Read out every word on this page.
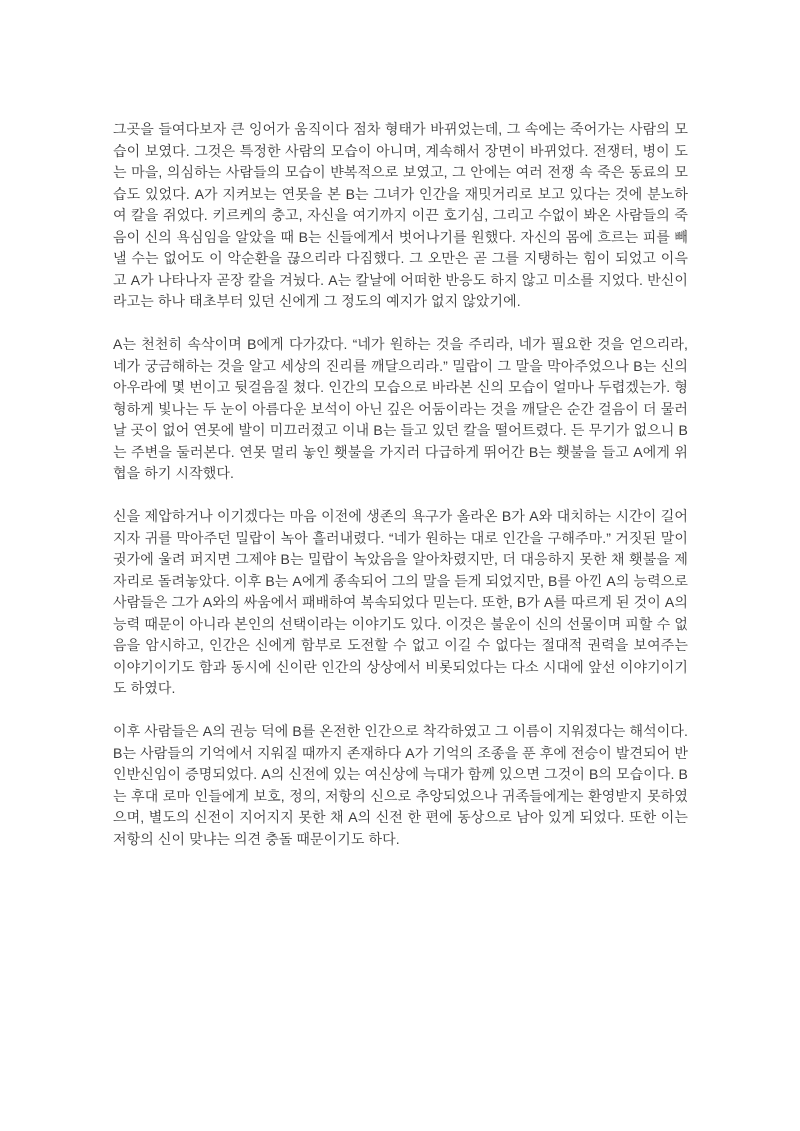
그곳을 들여다보자 큰 잉어가 움직이다 점차 형태가 바뀌었는데, 그 속에는 죽어가는 사람의 모습이 보였다. 그것은 특정한 사람의 모습이 아니며, 계속해서 장면이 바뀌었다. 전쟁터, 병이 도는 마을, 의심하는 사람들의 모습이 뱐복적으로 보였고, 그 안에는 여러 전쟁 속 죽은 동료의 모습도 있었다. A가 지켜보는 연못을 본 B는 그녀가 인간을 재밋거리로 보고 있다는 것에 분노하여 칼을 쥐었다. 키르케의 충고, 자신을 여기까지 이끈 호기심, 그리고 수없이 봐온 사람들의 죽음이 신의 욕심임을 알았을 때 B는 신들에게서 벗어나기를 원했다. 자신의 몸에 흐르는 피를 빼낼 수는 없어도 이 악순환을 끊으리라 다짐했다. 그 오만은 곧 그를 지탱하는 힘이 되었고 이윽고 A가 나타나자 곧장 칼을 겨눴다. A는 칼날에 어떠한 반응도 하지 않고 미소를 지었다. 반신이라고는 하나 태초부터 있던 신에게 그 정도의 예지가 없지 않았기에.

A는 천천히 속삭이며 B에게 다가갔다. “네가 원하는 것을 주리라, 네가 필요한 것을 얻으리라, 네가 궁금해하는 것을 알고 세상의 진리를 깨달으리라.” 밀랍이 그 말을 막아주었으나 B는 신의 아우라에 몇 번이고 뒷걸음질 쳤다. 인간의 모습으로 바라본 신의 모습이 얼마나 두렵겠는가. 형형하게 빛나는 두 눈이 아름다운 보석이 아닌 깊은 어둠이라는 것을 깨달은 순간 걸음이 더 물러날 곳이 없어 연못에 발이 미끄러졌고 이내 B는 들고 있던 칼을 떨어트렸다. 든 무기가 없으니 B는 주변을 둘러본다. 연못 멀리 놓인 횃불을 가지러 다급하게 뛰어간 B는 횃불을 들고 A에게 위협을 하기 시작했다.

신을 제압하거나 이기겠다는 마음 이전에 생존의 욕구가 올라온 B가 A와 대치하는 시간이 길어지자 귀를 막아주던 밀랍이 녹아 흘러내렸다. “네가 원하는 대로 인간을 구해주마.” 거짓된 말이 귓가에 울려 퍼지면 그제야 B는 밀랍이 녹았음을 알아차렸지만, 더 대응하지 못한 채 횃불을 제자리로 돌려놓았다. 이후 B는 A에게 종속되어 그의 말을 듣게 되었지만, B를 아낀 A의 능력으로 사람들은 그가 A와의 싸움에서 패배하여 복속되었다 믿는다. 또한, B가 A를 따르게 된 것이 A의 능력 때문이 아니라 본인의 선택이라는 이야기도 있다. 이것은 불운이 신의 선물이며 피할 수 없음을 암시하고, 인간은 신에게 함부로 도전할 수 없고 이길 수 없다는 절대적 권력을 보여주는 이야기이기도 함과 동시에 신이란 인간의 상상에서 비롯되었다는 다소 시대에 앞선 이야기이기도 하였다.

이후 사람들은 A의 권능 덕에 B를 온전한 인간으로 착각하였고 그 이름이 지워졌다는 해석이다. B는 사람들의 기억에서 지워질 때까지 존재하다 A가 기억의 조종을 푼 후에 전승이 발견되어 반인반신임이 증명되었다. A의 신전에 있는 여신상에 늑대가 함께 있으면 그것이 B의 모습이다. B는 후대 로마 인들에게 보호, 정의, 저항의 신으로 추앙되었으나 귀족들에게는 환영받지 못하였으며, 별도의 신전이 지어지지 못한 채 A의 신전 한 편에 동상으로 남아 있게 되었다. 또한 이는 저항의 신이 맞냐는 의견 충돌 때문이기도 하다.
